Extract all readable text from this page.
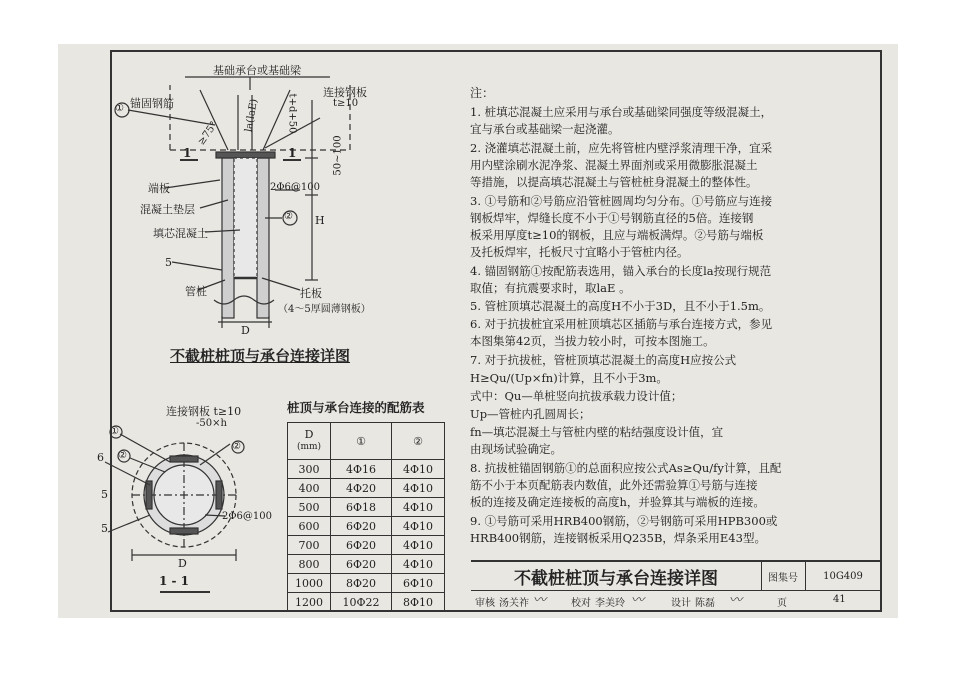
基础承台或基础梁
① 锚固钢筋
连接钢板
t≥10
≥75°
la(laE)	t+d+50
50~100
1	1
端板	2Φ6@100
混凝土垫层
② H
填芯混凝土
5
托板
管桩
（4～5厚圆薄钢板）
D
不截桩桩顶与承台连接详图
连接钢板 t≥10
-50×h
①
②
②
6
5
5
2Φ6@100
D
1 - 1
桩顶与承台连接的配筋表
D
(mm)	①	②
300	4Φ16	4Φ10
400	4Φ20	4Φ10
500	6Φ18	4Φ10
600	6Φ20	4Φ10
700	6Φ20	4Φ10
800	6Φ20	4Φ10
1000	8Φ20	6Φ10
1200	10Φ22	8Φ10
注：
1. 桩填芯混凝土应采用与承台或基础梁同强度等级混凝土，
宜与承台或基础梁一起浇灌。
2. 浇灌填芯混凝土前，应先将管桩内壁浮浆清理干净，宜采
用内壁涂刷水泥净浆、混凝土界面剂或采用微膨胀混凝土
等措施，以提高填芯混凝土与管桩桩身混凝土的整体性。
3. ①号筋和②号筋应沿管桩圆周均匀分布。①号筋应与连接
钢板焊牢，焊缝长度不小于①号钢筋直径的5倍。连接钢
板采用厚度t≥10的钢板，且应与端板满焊。②号筋与端板
及托板焊牢，托板尺寸宜略小于管桩内径。
4. 锚固钢筋①按配筋表选用，锚入承台的长度la按现行规范
取值；有抗震要求时，取laE 。
5. 管桩顶填芯混凝土的高度H不小于3D，且不小于1.5m。
6. 对于抗拔桩宜采用桩顶填芯区插筋与承台连接方式，参见
本图集第42页，当拔力较小时，可按本图施工。
7. 对于抗拔桩，管桩顶填芯混凝土的高度H应按公式
H≥Qu/(Up×fn)计算，且不小于3m。
式中：Qu—单桩竖向抗拔承载力设计值；
Up—管桩内孔圆周长；
fn—填芯混凝土与管桩内壁的粘结强度设计值，宜
由现场试验确定。
8. 抗拔桩锚固钢筋①的总面积应按公式As≥Qu/fy计算，且配
筋不小于本页配筋表内数值，此外还需验算①号筋与连接
板的连接及确定连接板的高度h，并验算其与端板的连接。
9. ①号筋可采用HRB400钢筋，②号钢筋可采用HPB300或
HRB400钢筋，连接钢板采用Q235B，焊条采用E43型。
不截桩桩顶与承台连接详图	图集号	10G409
审核 汤关祚 〰 校对 李美玲 〰	设计 陈磊 〰	页	41
